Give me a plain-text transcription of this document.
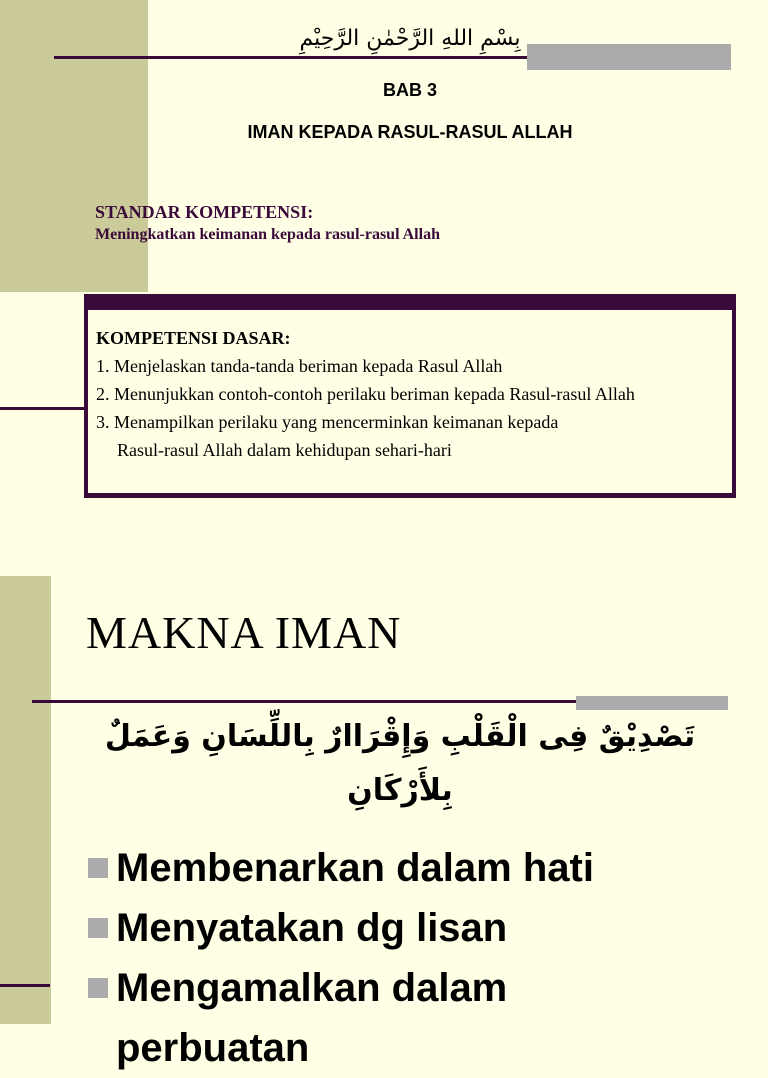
بِسْمِ اللهِ الرَّحْمٰنِ الرَّحِيْمِ
BAB 3
IMAN KEPADA RASUL-RASUL ALLAH
STANDAR KOMPETENSI:
Meningkatkan keimanan kepada rasul-rasul Allah
KOMPETENSI DASAR:
1. Menjelaskan tanda-tanda beriman kepada Rasul Allah
2. Menunjukkan contoh-contoh perilaku beriman kepada Rasul-rasul Allah
3. Menampilkan perilaku yang mencerminkan keimanan kepada
Rasul-rasul Allah dalam kehidupan sehari-hari
MAKNA IMAN
تَصْدِيْقٌ فِى الْقَلْبِ وَإِقْرَاارٌ بِاللِّسَانِ وَعَمَلٌ بِلأَرْكَانِ
Membenarkan dalam hati
Menyatakan dg lisan
Mengamalkan dalam
perbuatan
